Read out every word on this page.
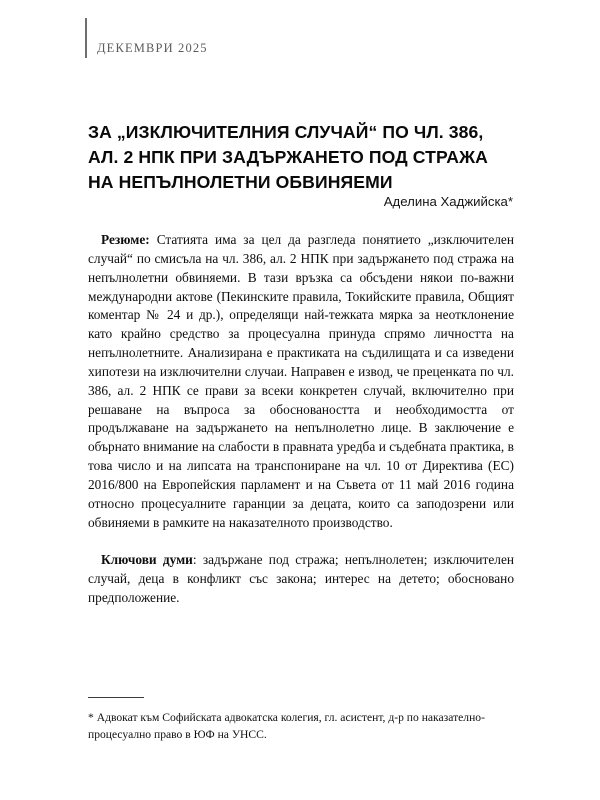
ДЕКЕМВРИ 2025
ЗА „ИЗКЛЮЧИТЕЛНИЯ СЛУЧАЙ“ ПО ЧЛ. 386, АЛ. 2 НПК ПРИ ЗАДЪРЖАНЕТО ПОД СТРАЖА НА НЕПЪЛНОЛЕТНИ ОБВИНЯЕМИ
Аделина Хаджийска*

Резюме: Статията има за цел да разгледа понятието „изключителен случай“ по смисъла на чл. 386, ал. 2 НПК при задържането под стража на непълнолетни обвиняеми. В тази връзка са обсъдени някои по-важни международни актове (Пекинските правила, Токийските правила, Общият коментар № 24 и др.), определящи най-тежката мярка за неотклонение като крайно средство за процесуална принуда спрямо личността на непълнолетните. Анализирана е практиката на съдилищата и са изведени хипотези на изключителни случаи. Направен е извод, че преценката по чл. 386, ал. 2 НПК се прави за всеки конкретен случай, включително при решаване на въпроса за обосноваността и необходимостта от продължаване на задържането на непълнолетно лице. В заключение е обърнато внимание на слабости в правната уредба и съдебната практика, в това число и на липсата на транспониране на чл. 10 от Директива (ЕС) 2016/800 на Европейския парламент и на Съвета от 11 май 2016 година относно процесуалните гаранции за децата, които са заподозрени или обвиняеми в рамките на наказателното производство.

Ключови думи: задържане под стража; непълнолетен; изключителен случай, деца в конфликт със закона; интерес на детето; обосновано предположение.

* Адвокат към Софийската адвокатска колегия, гл. асистент, д-р по наказателно-процесуално право в ЮФ на УНСС.
